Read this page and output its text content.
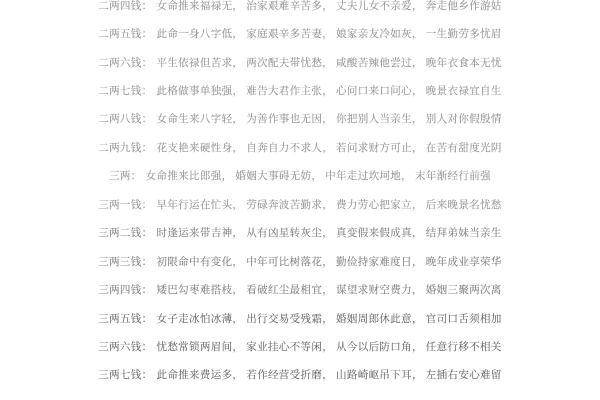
二两四钱： 女命推来福禄无， 治家艰难辛苦多， 丈夫儿女不亲爱， 奔走他乡作游姑
二两五钱： 此命一身八字低， 家庭艰辛多苦妻， 娘家亲友冷如灰， 一生勤劳多忧眉
二两六钱： 平生依禄但苦求， 两次配夫带忧愁， 咸酸苦辣他尝过， 晚年衣食本无忧
二两七钱： 此格做事单独强， 难告大君作主张， 心问口来口问心， 晚景衣禄宜自生
二两八钱： 女命生来八字轻， 为善作事也无因， 你把别人当亲生， 别人对你假殷情
二两九钱： 花支艳来硬性身， 自奔自力不求人， 若问求财方可止， 在苦有甜度光阴
三两： 女命推来比郎强， 婚姻大事碍无妨， 中年走过坎坷地， 末年渐经行前强
三两一钱： 早年行运在忙头， 劳碌奔波苦勤求， 费力劳心把家立， 后来晚景名忧愁
三两二钱： 时逢运来带吉神， 从有凶星转灰尘， 真变假来假成真， 结拜弟妹当亲生
三两三钱： 初限命中有变化， 中年可比树落花， 勤俭持家难度日， 晚年成业享荣华
三两四钱： 矮巴勾枣难搭枝， 看破红尘最相宜， 谋望求财空费力， 婚姻三聚两次离
三两五钱： 女子走冰怕冰薄， 出行交易受残霜， 婚姻周郎休此意， 官司口舌须相加
三两六钱： 忧愁常锁两眉间， 家业挂心不等闲， 从今以后防口角， 任意行移不相关
三两七钱： 此命推来费运多， 若作经营受折磨， 山路崎岖吊下耳， 左插右安心难留
